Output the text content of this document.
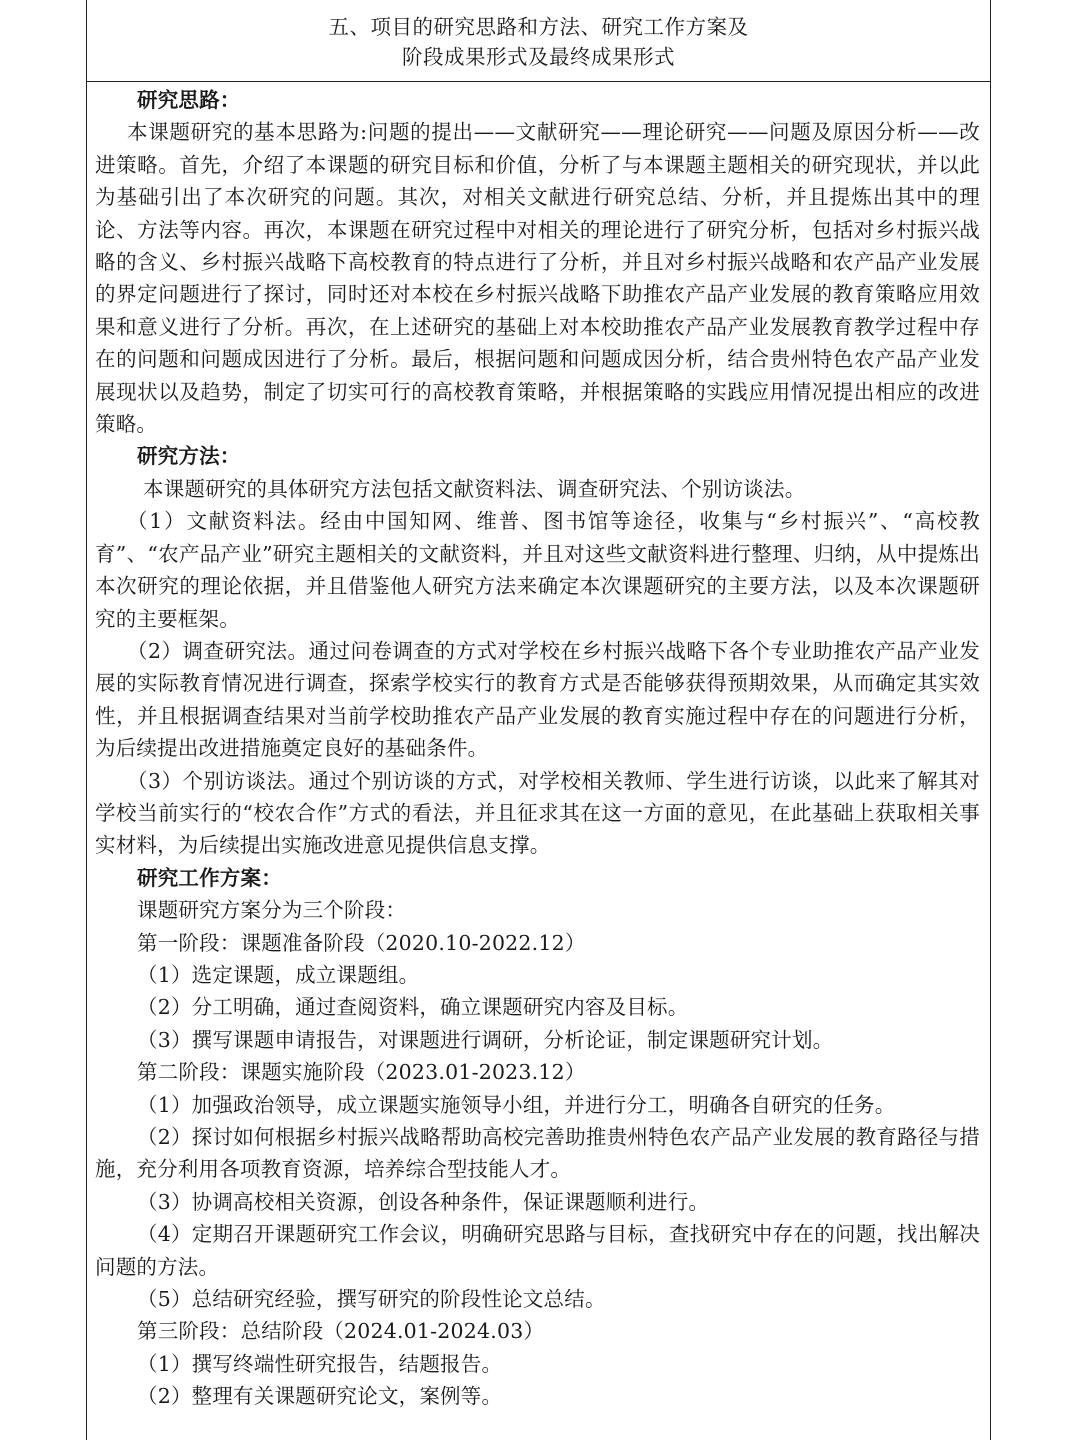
五、项目的研究思路和方法、研究工作方案及
阶段成果形式及最终成果形式
研究思路：

本课题研究的基本思路为:问题的提出——文献研究——理论研究——问题及原因分析——改进策略。首先，介绍了本课题的研究目标和价值，分析了与本课题主题相关的研究现状，并以此为基础引出了本次研究的问题。其次，对相关文献进行研究总结、分析，并且提炼出其中的理论、方法等内容。再次，本课题在研究过程中对相关的理论进行了研究分析，包括对乡村振兴战略的含义、乡村振兴战略下高校教育的特点进行了分析，并且对乡村振兴战略和农产品产业发展的界定问题进行了探讨，同时还对本校在乡村振兴战略下助推农产品产业发展的教育策略应用效果和意义进行了分析。再次，在上述研究的基础上对本校助推农产品产业发展教育教学过程中存在的问题和问题成因进行了分析。最后，根据问题和问题成因分析，结合贵州特色农产品产业发展现状以及趋势，制定了切实可行的高校教育策略，并根据策略的实践应用情况提出相应的改进策略。

研究方法：

本课题研究的具体研究方法包括文献资料法、调查研究法、个别访谈法。

（1）文献资料法。经由中国知网、维普、图书馆等途径，收集与“乡村振兴”、“高校教育”、“农产品产业”研究主题相关的文献资料，并且对这些文献资料进行整理、归纳，从中提炼出本次研究的理论依据，并且借鉴他人研究方法来确定本次课题研究的主要方法，以及本次课题研究的主要框架。

（2）调查研究法。通过问卷调查的方式对学校在乡村振兴战略下各个专业助推农产品产业发展的实际教育情况进行调查，探索学校实行的教育方式是否能够获得预期效果，从而确定其实效性，并且根据调查结果对当前学校助推农产品产业发展的教育实施过程中存在的问题进行分析，为后续提出改进措施奠定良好的基础条件。

（3）个别访谈法。通过个别访谈的方式，对学校相关教师、学生进行访谈，以此来了解其对学校当前实行的“校农合作”方式的看法，并且征求其在这一方面的意见，在此基础上获取相关事实材料，为后续提出实施改进意见提供信息支撑。

研究工作方案：

课题研究方案分为三个阶段：

第一阶段：课题准备阶段（2020.10-2022.12）

（1）选定课题，成立课题组。

（2）分工明确，通过查阅资料，确立课题研究内容及目标。

（3）撰写课题申请报告，对课题进行调研，分析论证，制定课题研究计划。

第二阶段：课题实施阶段（2023.01-2023.12）

（1）加强政治领导，成立课题实施领导小组，并进行分工，明确各自研究的任务。

（2）探讨如何根据乡村振兴战略帮助高校完善助推贵州特色农产品产业发展的教育路径与措施，充分利用各项教育资源，培养综合型技能人才。

（3）协调高校相关资源，创设各种条件，保证课题顺利进行。

（4）定期召开课题研究工作会议，明确研究思路与目标，查找研究中存在的问题，找出解决问题的方法。

（5）总结研究经验，撰写研究的阶段性论文总结。

第三阶段：总结阶段（2024.01-2024.03）

（1）撰写终端性研究报告，结题报告。

（2）整理有关课题研究论文，案例等。
